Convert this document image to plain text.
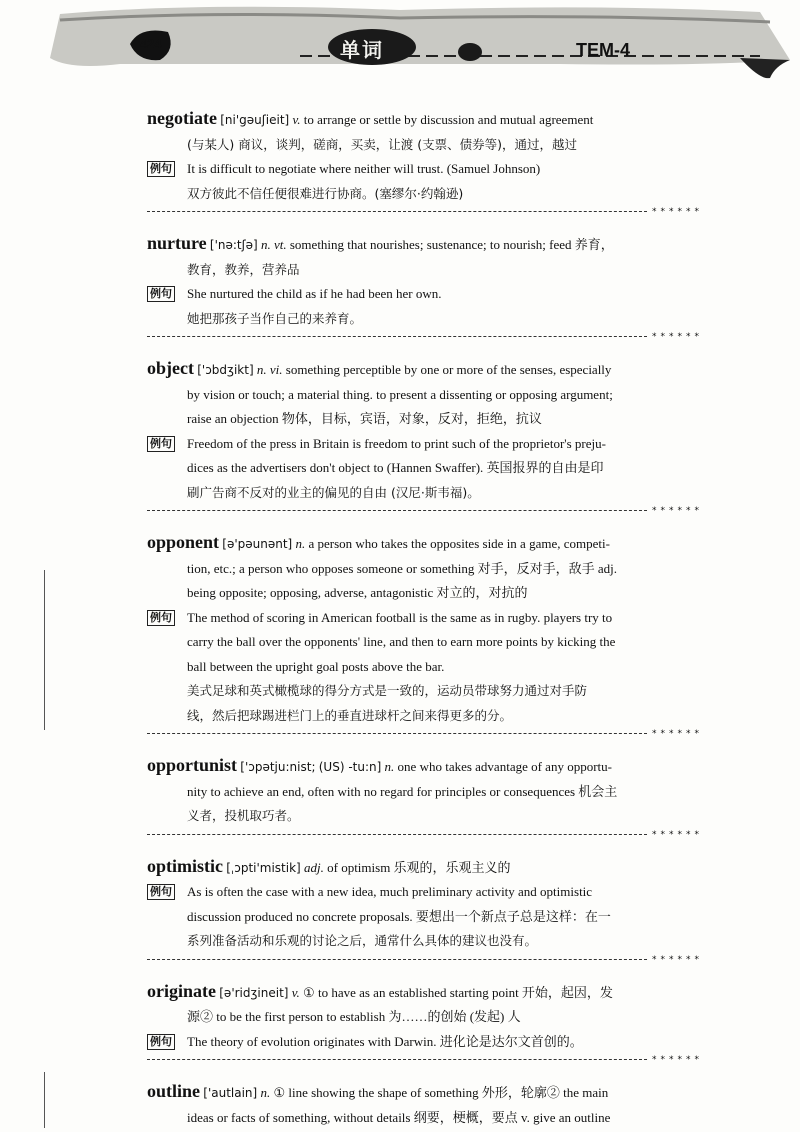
424	单词	TEM-4
negotiate [ni'gəuʃieit] v. to arrange or settle by discussion and mutual agreement
(与某人) 商议，谈判，磋商，买卖，让渡 (支票、债券等)，通过，越过
例句 It is difficult to negotiate where neither will trust. (Samuel Johnson)
双方彼此不信任便很难进行协商。(塞缪尔·约翰逊)
******
nurture ['nə:tʃə] n. vt. something that nourishes; sustenance; to nourish; feed 养育，
教育，教养，营养品
例句 She nurtured the child as if he had been her own.
她把那孩子当作自己的来养育。
******
object ['ɔbdʒikt] n. vi. something perceptible by one or more of the senses, especially
by vision or touch; a material thing. to present a dissenting or opposing argument;
raise an objection 物体，目标，宾语，对象，反对，拒绝，抗议
例句 Freedom of the press in Britain is freedom to print such of the proprietor's preju-
dices as the advertisers don't object to (Hannen Swaffer). 英国报界的自由是印
刷广告商不反对的业主的偏见的自由 (汉尼·斯韦福)。
******
opponent [ə'pəunənt] n. a person who takes the opposites side in a game, competi-
tion, etc.; a person who opposes someone or something 对手，反对手，敌手 adj.
being opposite; opposing, adverse, antagonistic 对立的，对抗的
例句 The method of scoring in American football is the same as in rugby. players try to
carry the ball over the opponents' line, and then to earn more points by kicking the
ball between the upright goal posts above the bar.
美式足球和英式橄榄球的得分方式是一致的，运动员带球努力通过对手防
线，然后把球踢进栏门上的垂直进球杆之间来得更多的分。
******
opportunist ['ɔpətju:nist; (US) -tu:n] n. one who takes advantage of any opportu-
nity to achieve an end, often with no regard for principles or consequences 机会主
义者，投机取巧者。
******
optimistic [ˌɔpti'mistik] adj. of optimism 乐观的，乐观主义的
例句 As is often the case with a new idea, much preliminary activity and optimistic
discussion produced no concrete proposals. 要想出一个新点子总是这样：在一
系列准备活动和乐观的讨论之后，通常什么具体的建议也没有。
******
originate [ə'ridʒineit] v. ① to have as an established starting point 开始，起因，发
源② to be the first person to establish 为……的创始 (发起) 人
例句 The theory of evolution originates with Darwin. 进化论是达尔文首创的。
******
outline ['autlain] n. ① line showing the shape of something 外形，轮廓② the main
ideas or facts of something, without details 纲要，梗概，要点 v. give an outline
